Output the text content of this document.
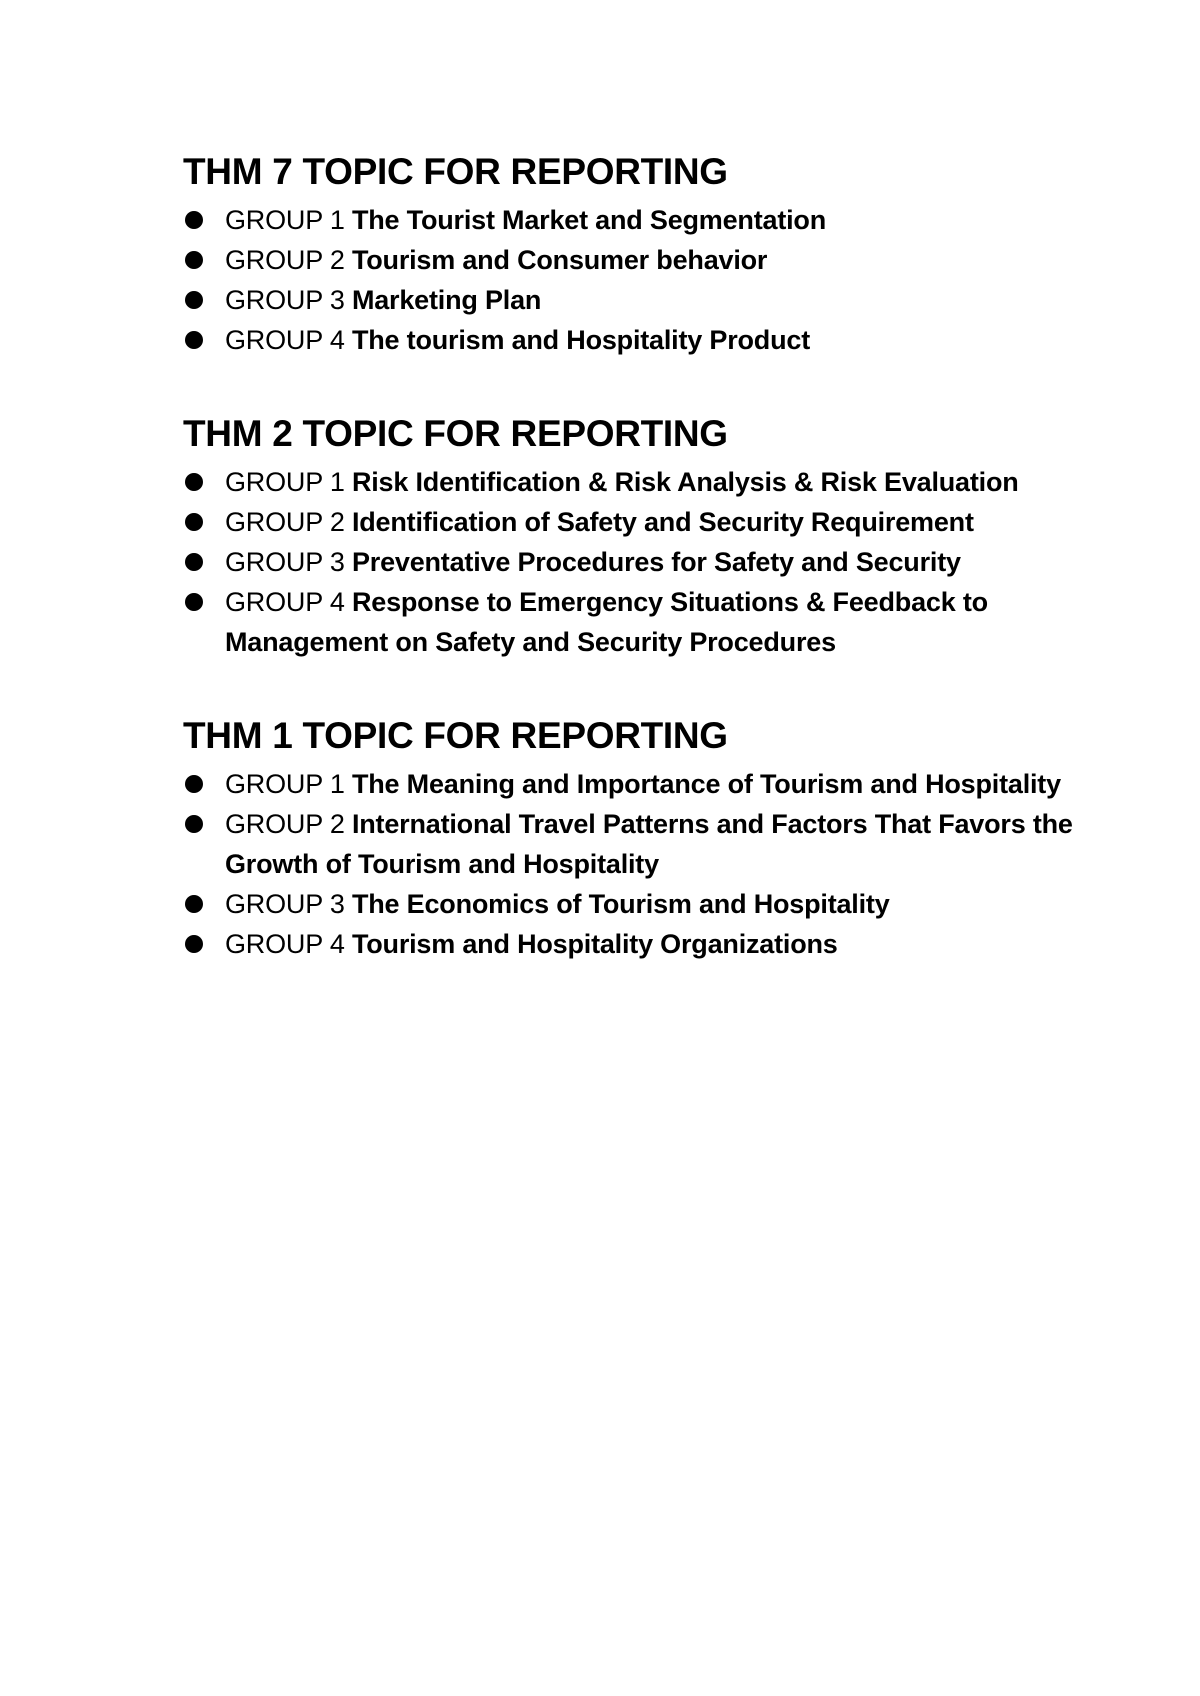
THM 7 TOPIC FOR REPORTING
GROUP 1 The Tourist Market and Segmentation
GROUP 2 Tourism and Consumer behavior
GROUP 3 Marketing Plan
GROUP 4 The tourism and Hospitality Product
THM 2 TOPIC FOR REPORTING
GROUP 1 Risk Identification & Risk Analysis & Risk Evaluation
GROUP 2 Identification of Safety and Security Requirement
GROUP 3 Preventative Procedures for Safety and Security
GROUP 4 Response to Emergency Situations & Feedback to Management on Safety and Security Procedures
THM 1 TOPIC FOR REPORTING
GROUP 1 The Meaning and Importance of Tourism and Hospitality
GROUP 2 International Travel Patterns and Factors That Favors the Growth of Tourism and Hospitality
GROUP 3 The Economics of Tourism and Hospitality
GROUP 4 Tourism and Hospitality Organizations
